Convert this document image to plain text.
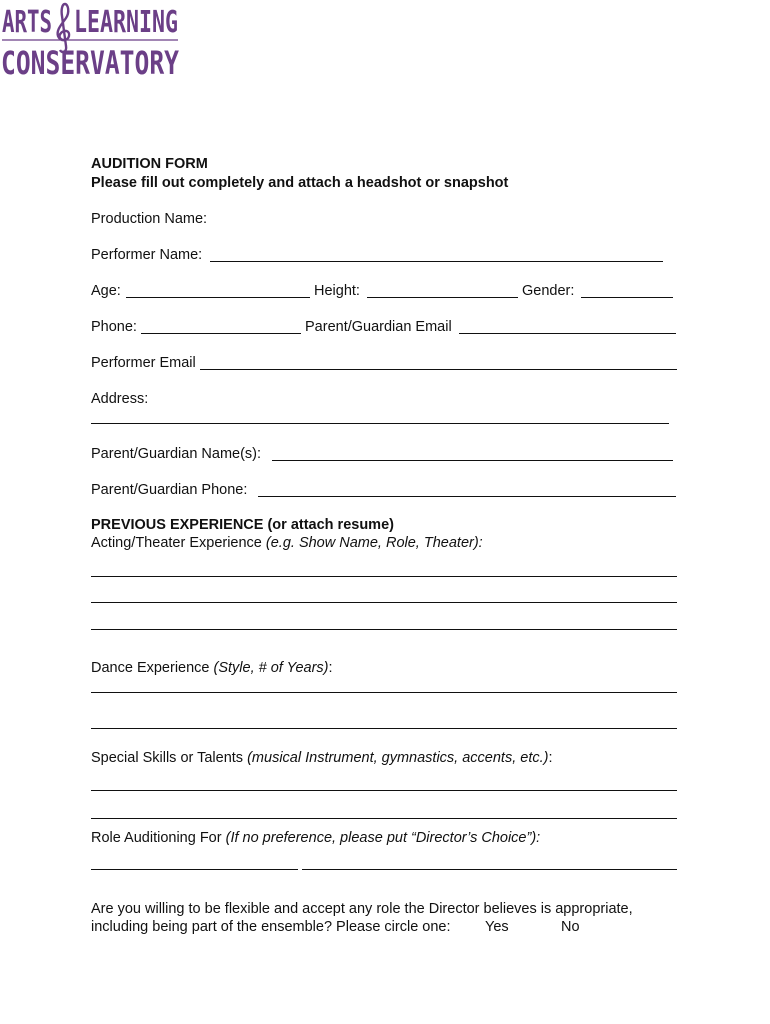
ARTS LEARNING
CONSERVATORY
AUDITION FORM
Please fill out completely and attach a headshot or snapshot
Production Name:
Performer Name:
Age:	Height:	Gender:
Phone:	Parent/Guardian Email
Performer Email
Address:
Parent/Guardian Name(s):
Parent/Guardian Phone:
PREVIOUS EXPERIENCE (or attach resume)
Acting/Theater Experience (e.g. Show Name, Role, Theater):
Dance Experience (Style, # of Years):
Special Skills or Talents (musical Instrument, gymnastics, accents, etc.):
Role Auditioning For (If no preference, please put “Director’s Choice”):
Are you willing to be flexible and accept any role the Director believes is appropriate,
including being part of the ensemble? Please circle one: Yes	No
